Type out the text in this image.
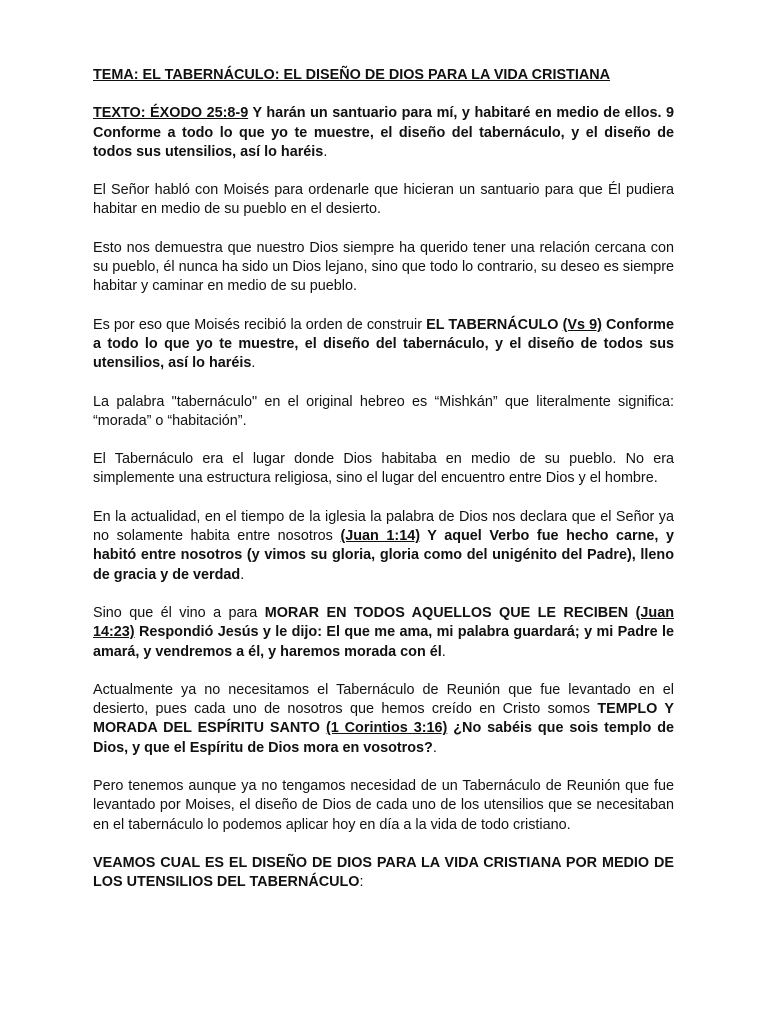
TEMA: EL TABERNÁCULO: EL DISEÑO DE DIOS PARA LA VIDA CRISTIANA

TEXTO: ÉXODO 25:8-9 Y harán un santuario para mí, y habitaré en medio de ellos. 9 Conforme a todo lo que yo te muestre, el diseño del tabernáculo, y el diseño de todos sus utensilios, así lo haréis.

El Señor habló con Moisés para ordenarle que hicieran un santuario para que Él pudiera habitar en medio de su pueblo en el desierto.

Esto nos demuestra que nuestro Dios siempre ha querido tener una relación cercana con su pueblo, él nunca ha sido un Dios lejano, sino que todo lo contrario, su deseo es siempre habitar y caminar en medio de su pueblo.

Es por eso que Moisés recibió la orden de construir EL TABERNÁCULO (Vs 9) Conforme a todo lo que yo te muestre, el diseño del tabernáculo, y el diseño de todos sus utensilios, así lo haréis.

La palabra "tabernáculo" en el original hebreo es “Mishkán” que literalmente significa: “morada” o “habitación”.

El Tabernáculo era el lugar donde Dios habitaba en medio de su pueblo. No era simplemente una estructura religiosa, sino el lugar del encuentro entre Dios y el hombre.

En la actualidad, en el tiempo de la iglesia la palabra de Dios nos declara que el Señor ya no solamente habita entre nosotros (Juan 1:14) Y aquel Verbo fue hecho carne, y habitó entre nosotros (y vimos su gloria, gloria como del unigénito del Padre), lleno de gracia y de verdad.

Sino que él vino a para MORAR EN TODOS AQUELLOS QUE LE RECIBEN (Juan 14:23) Respondió Jesús y le dijo: El que me ama, mi palabra guardará; y mi Padre le amará, y vendremos a él, y haremos morada con él.

Actualmente ya no necesitamos el Tabernáculo de Reunión que fue levantado en el desierto, pues cada uno de nosotros que hemos creído en Cristo somos TEMPLO Y MORADA DEL ESPÍRITU SANTO (1 Corintios 3:16) ¿No sabéis que sois templo de Dios, y que el Espíritu de Dios mora en vosotros?.

Pero tenemos aunque ya no tengamos necesidad de un Tabernáculo de Reunión que fue levantado por Moises, el diseño de Dios de cada uno de los utensilios que se necesitaban en el tabernáculo lo podemos aplicar hoy en día a la vida de todo cristiano.

VEAMOS CUAL ES EL DISEÑO DE DIOS PARA LA VIDA CRISTIANA POR MEDIO DE LOS UTENSILIOS DEL TABERNÁCULO:
